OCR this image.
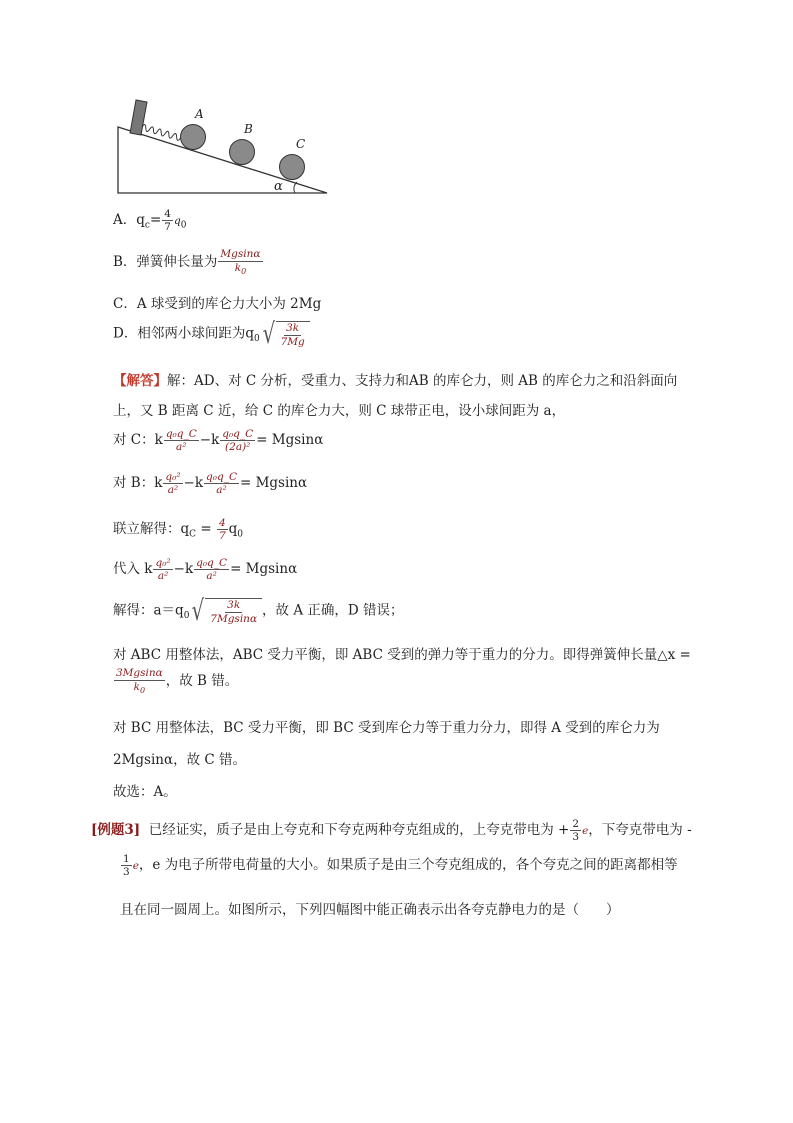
A
B
C
α
A．$q_c= \frac{4}{7} q_0$
B．弹簧伸长量为 $\frac{Mgsin\alpha}{k_0}$
C．A 球受到的库仑力大小为 2Mg
D．相邻两小球间距为$q_0$ √ $\frac{3k}{7Mg}$
【解答】解：AD、对 C 分析，受重力、支持力和AB 的库仑力，则 AB 的库仑力之和沿斜面向
上，又 B 距离 C 近，给 C 的库仑力大，则 C 球带正电，设小球间距为 a，
对 C：k $\frac{\text{q₀q\_C}}{\text{a²}} -k \frac{\text{q₀q\_C}}{\text{(2a)²}} = Mgsin\alpha$
对 B：k $\frac{\text{q₀²}}{\text{a²}} -k \frac{\text{q₀q\_C}}{\text{a²}} = Mgsin\alpha$
联立解得：$q_C = \frac{4}{7} q_0$
代入 k $\frac{\text{q₀²}}{\text{a²}} -k \frac{\text{q₀q\_C}}{\text{a²}} = Mgsin\alpha$
解得：$a=q_0$ √ $\frac{3k}{7Mgsin\alpha}$ ，故 A 正确，D 错误；
对 ABC 用整体法，ABC 受力平衡，即 ABC 受到的弹力等于重力的分力。即得弹簧伸长量△x =
$\frac{3Mgsin\alpha}{k_0}$ ，故 B 错。
对 BC 用整体法，BC 受力平衡，即 BC 受到库仑力等于重力分力，即得 A 受到的库仑力为
2Mgsinα，故 C 错。
故选：A。
[例题3] 已经证实，质子是由上夸克和下夸克两种夸克组成的，上夸克带电为 + $\frac{2}{3}$ e，下夸克带电为 -
$\frac{1}{3}$ e，e 为电子所带电荷量的大小。如果质子是由三个夸克组成的，各个夸克之间的距离都相等
且在同一圆周上。如图所示，下列四幅图中能正确表示出各夸克静电力的是（　　）
